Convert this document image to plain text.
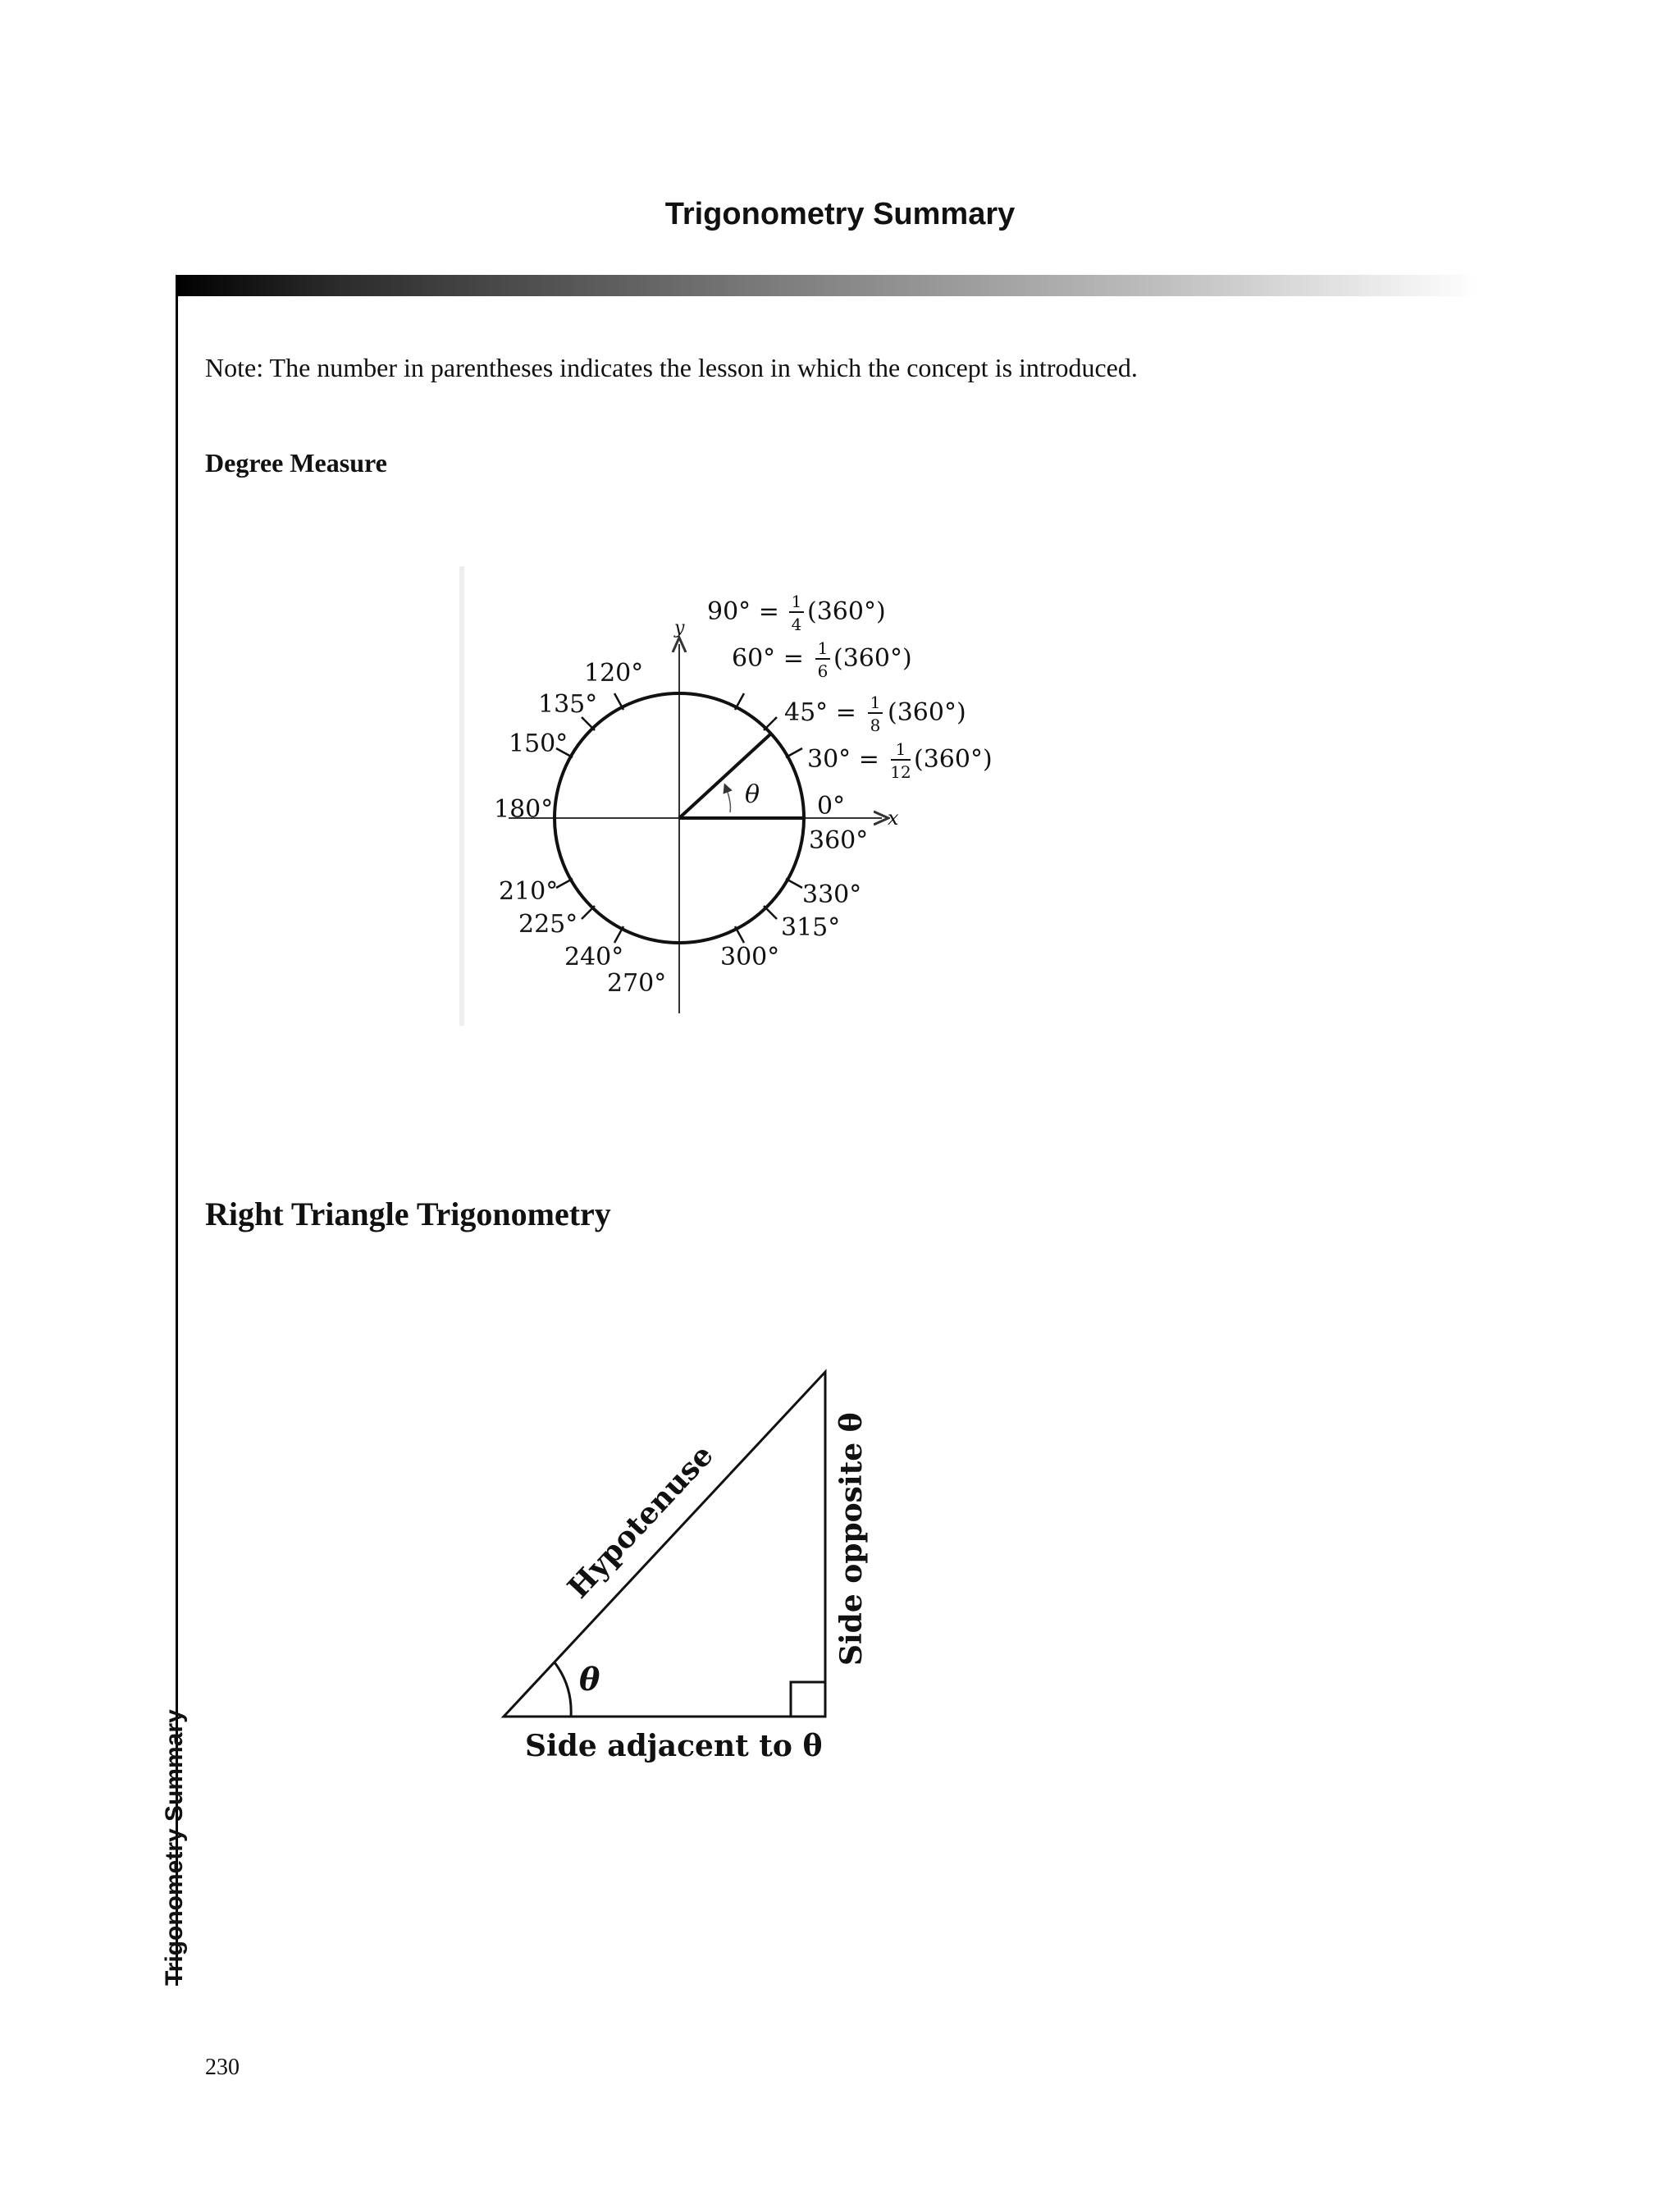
Trigonometry Summary
Trigonometry Summary
Note: The number in parentheses indicates the lesson in which the concept is introduced.
Degree Measure
x
y
θ 0°
360°
120°
135°
150°
180°
210°
225°
240°
270°
300°
315°
330°
90° = 1
4 (360°)
60° = 1
6 (360°)
45° = 1
8 (360°)
30° = 1
12 (360°)
Right Triangle Trigonometry
θ
Hypotenuse	Side opposite θ
Side adjacent to θ
230
